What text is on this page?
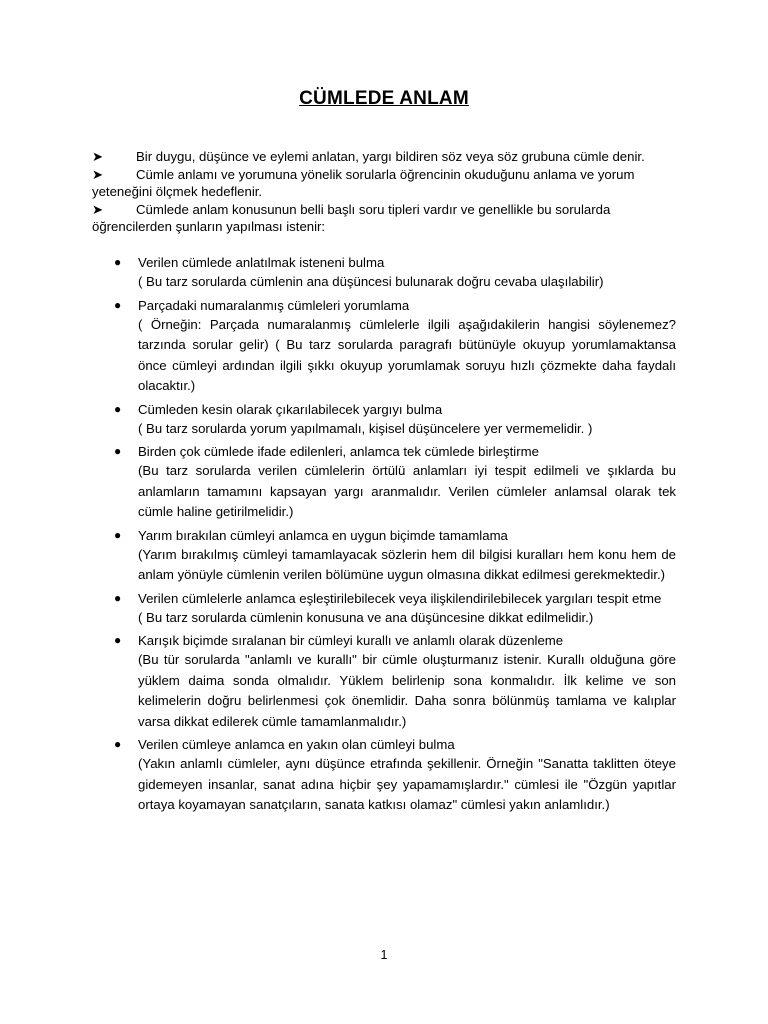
CÜMLEDE ANLAM

➤ Bir duygu, düşünce ve eylemi anlatan, yargı bildiren söz veya söz grubuna cümle denir.

➤ Cümle anlamı ve yorumuna yönelik sorularla öğrencinin okuduğunu anlama ve yorum yeteneğini ölçmek hedeflenir.

➤ Cümlede anlam konusunun belli başlı soru tipleri vardır ve genellikle bu sorularda öğrencilerden şunların yapılması istenir:

● Verilen cümlede anlatılmak isteneni bulma
( Bu tarz sorularda cümlenin ana düşüncesi bulunarak doğru cevaba ulaşılabilir)
● Parçadaki numaralanmış cümleleri yorumlama
( Örneğin: Parçada numaralanmış cümlelerle ilgili aşağıdakilerin hangisi söylenemez? tarzında sorular gelir) ( Bu tarz sorularda paragrafı bütünüyle okuyup yorumlamaktansa önce cümleyi ardından ilgili şıkkı okuyup yorumlamak soruyu hızlı çözmekte daha faydalı olacaktır.)
● Cümleden kesin olarak çıkarılabilecek yargıyı bulma
( Bu tarz sorularda yorum yapılmamalı, kişisel düşüncelere yer vermemelidir. )
● Birden çok cümlede ifade edilenleri, anlamca tek cümlede birleştirme
(Bu tarz sorularda verilen cümlelerin örtülü anlamları iyi tespit edilmeli ve şıklarda bu anlamların tamamını kapsayan yargı aranmalıdır. Verilen cümleler anlamsal olarak tek cümle haline getirilmelidir.)
● Yarım bırakılan cümleyi anlamca en uygun biçimde tamamlama
(Yarım bırakılmış cümleyi tamamlayacak sözlerin hem dil bilgisi kuralları hem konu hem de anlam yönüyle cümlenin verilen bölümüne uygun olmasına dikkat edilmesi gerekmektedir.)
● Verilen cümlelerle anlamca eşleştirilebilecek veya ilişkilendirilebilecek yargıları tespit etme
( Bu tarz sorularda cümlenin konusuna ve ana düşüncesine dikkat edilmelidir.)
● Karışık biçimde sıralanan bir cümleyi kurallı ve anlamlı olarak düzenleme
(Bu tür sorularda "anlamlı ve kurallı" bir cümle oluşturmanız istenir. Kurallı olduğuna göre yüklem daima sonda olmalıdır. Yüklem belirlenip sona konmalıdır. İlk kelime ve son kelimelerin doğru belirlenmesi çok önemlidir. Daha sonra bölünmüş tamlama ve kalıplar varsa dikkat edilerek cümle tamamlanmalıdır.)
● Verilen cümleye anlamca en yakın olan cümleyi bulma
(Yakın anlamlı cümleler, aynı düşünce etrafında şekillenir. Örneğin "Sanatta taklitten öteye gidemeyen insanlar, sanat adına hiçbir şey yapamamışlardır." cümlesi ile "Özgün yapıtlar ortaya koyamayan sanatçıların, sanata katkısı olamaz" cümlesi yakın anlamlıdır.)
1
